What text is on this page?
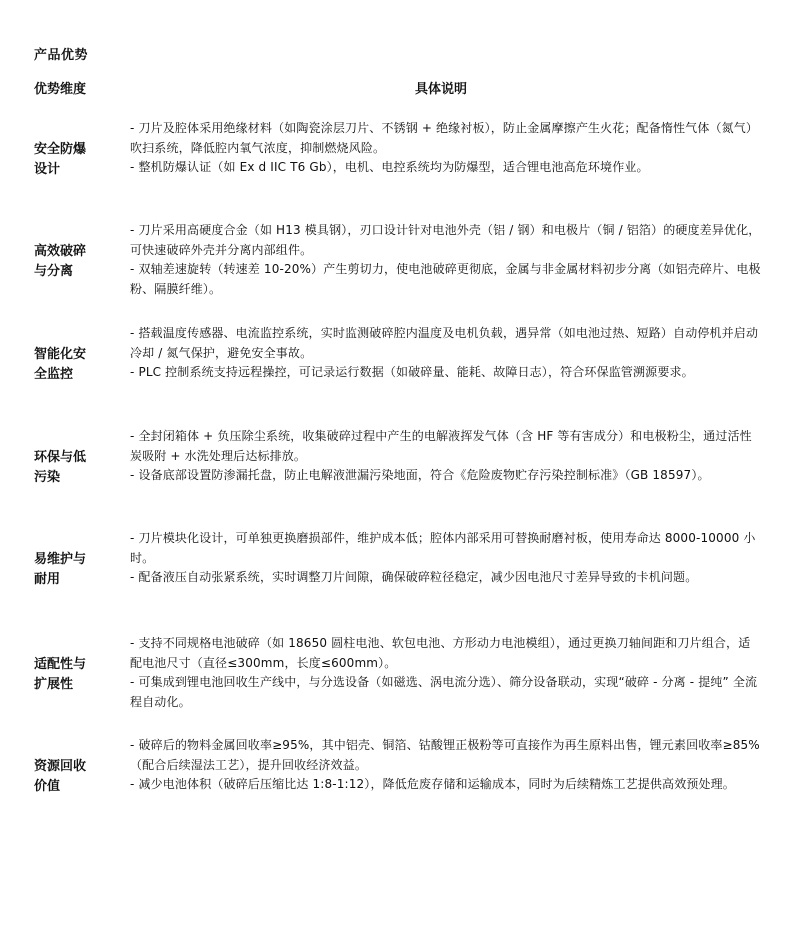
产品优势
优势维度	具体说明
安全防爆
设计

- 刀片及腔体采用绝缘材料（如陶瓷涂层刀片、不锈钢 + 绝缘衬板），防止金属摩擦产生火花；配备惰性气体（氮气）吹扫系统，降低腔内氧气浓度，抑制燃烧风险。

- 整机防爆认证（如 Ex d IIC T6 Gb），电机、电控系统均为防爆型，适合锂电池高危环境作业。

高效破碎
与分离

- 刀片采用高硬度合金（如 H13 模具钢），刃口设计针对电池外壳（铝 / 钢）和电极片（铜 / 铝箔）的硬度差异优化，可快速破碎外壳并分离内部组件。

- 双轴差速旋转（转速差 10-20%）产生剪切力，使电池破碎更彻底，金属与非金属材料初步分离（如铝壳碎片、电极粉、隔膜纤维）。

智能化安
全监控

- 搭载温度传感器、电流监控系统，实时监测破碎腔内温度及电机负载，遇异常（如电池过热、短路）自动停机并启动冷却 / 氮气保护，避免安全事故。

- PLC 控制系统支持远程操控，可记录运行数据（如破碎量、能耗、故障日志），符合环保监管溯源要求。

环保与低
污染

- 全封闭箱体 + 负压除尘系统，收集破碎过程中产生的电解液挥发气体（含 HF 等有害成分）和电极粉尘，通过活性炭吸附 + 水洗处理后达标排放。

- 设备底部设置防渗漏托盘，防止电解液泄漏污染地面，符合《危险废物贮存污染控制标准》（GB 18597）。

易维护与
耐用

- 刀片模块化设计，可单独更换磨损部件，维护成本低；腔体内部采用可替换耐磨衬板，使用寿命达 8000-10000 小时。

- 配备液压自动张紧系统，实时调整刀片间隙，确保破碎粒径稳定，减少因电池尺寸差异导致的卡机问题。

适配性与
扩展性

- 支持不同规格电池破碎（如 18650 圆柱电池、软包电池、方形动力电池模组），通过更换刀轴间距和刀片组合，适配电池尺寸（直径≤300mm，长度≤600mm）。

- 可集成到锂电池回收生产线中，与分选设备（如磁选、涡电流分选）、筛分设备联动，实现“破碎 - 分离 - 提纯” 全流程自动化。

资源回收
价值

- 破碎后的物料金属回收率≥95%，其中铝壳、铜箔、钴酸锂正极粉等可直接作为再生原料出售，锂元素回收率≥85%（配合后续湿法工艺），提升回收经济效益。

- 减少电池体积（破碎后压缩比达 1:8-1:12），降低危废存储和运输成本，同时为后续精炼工艺提供高效预处理。
